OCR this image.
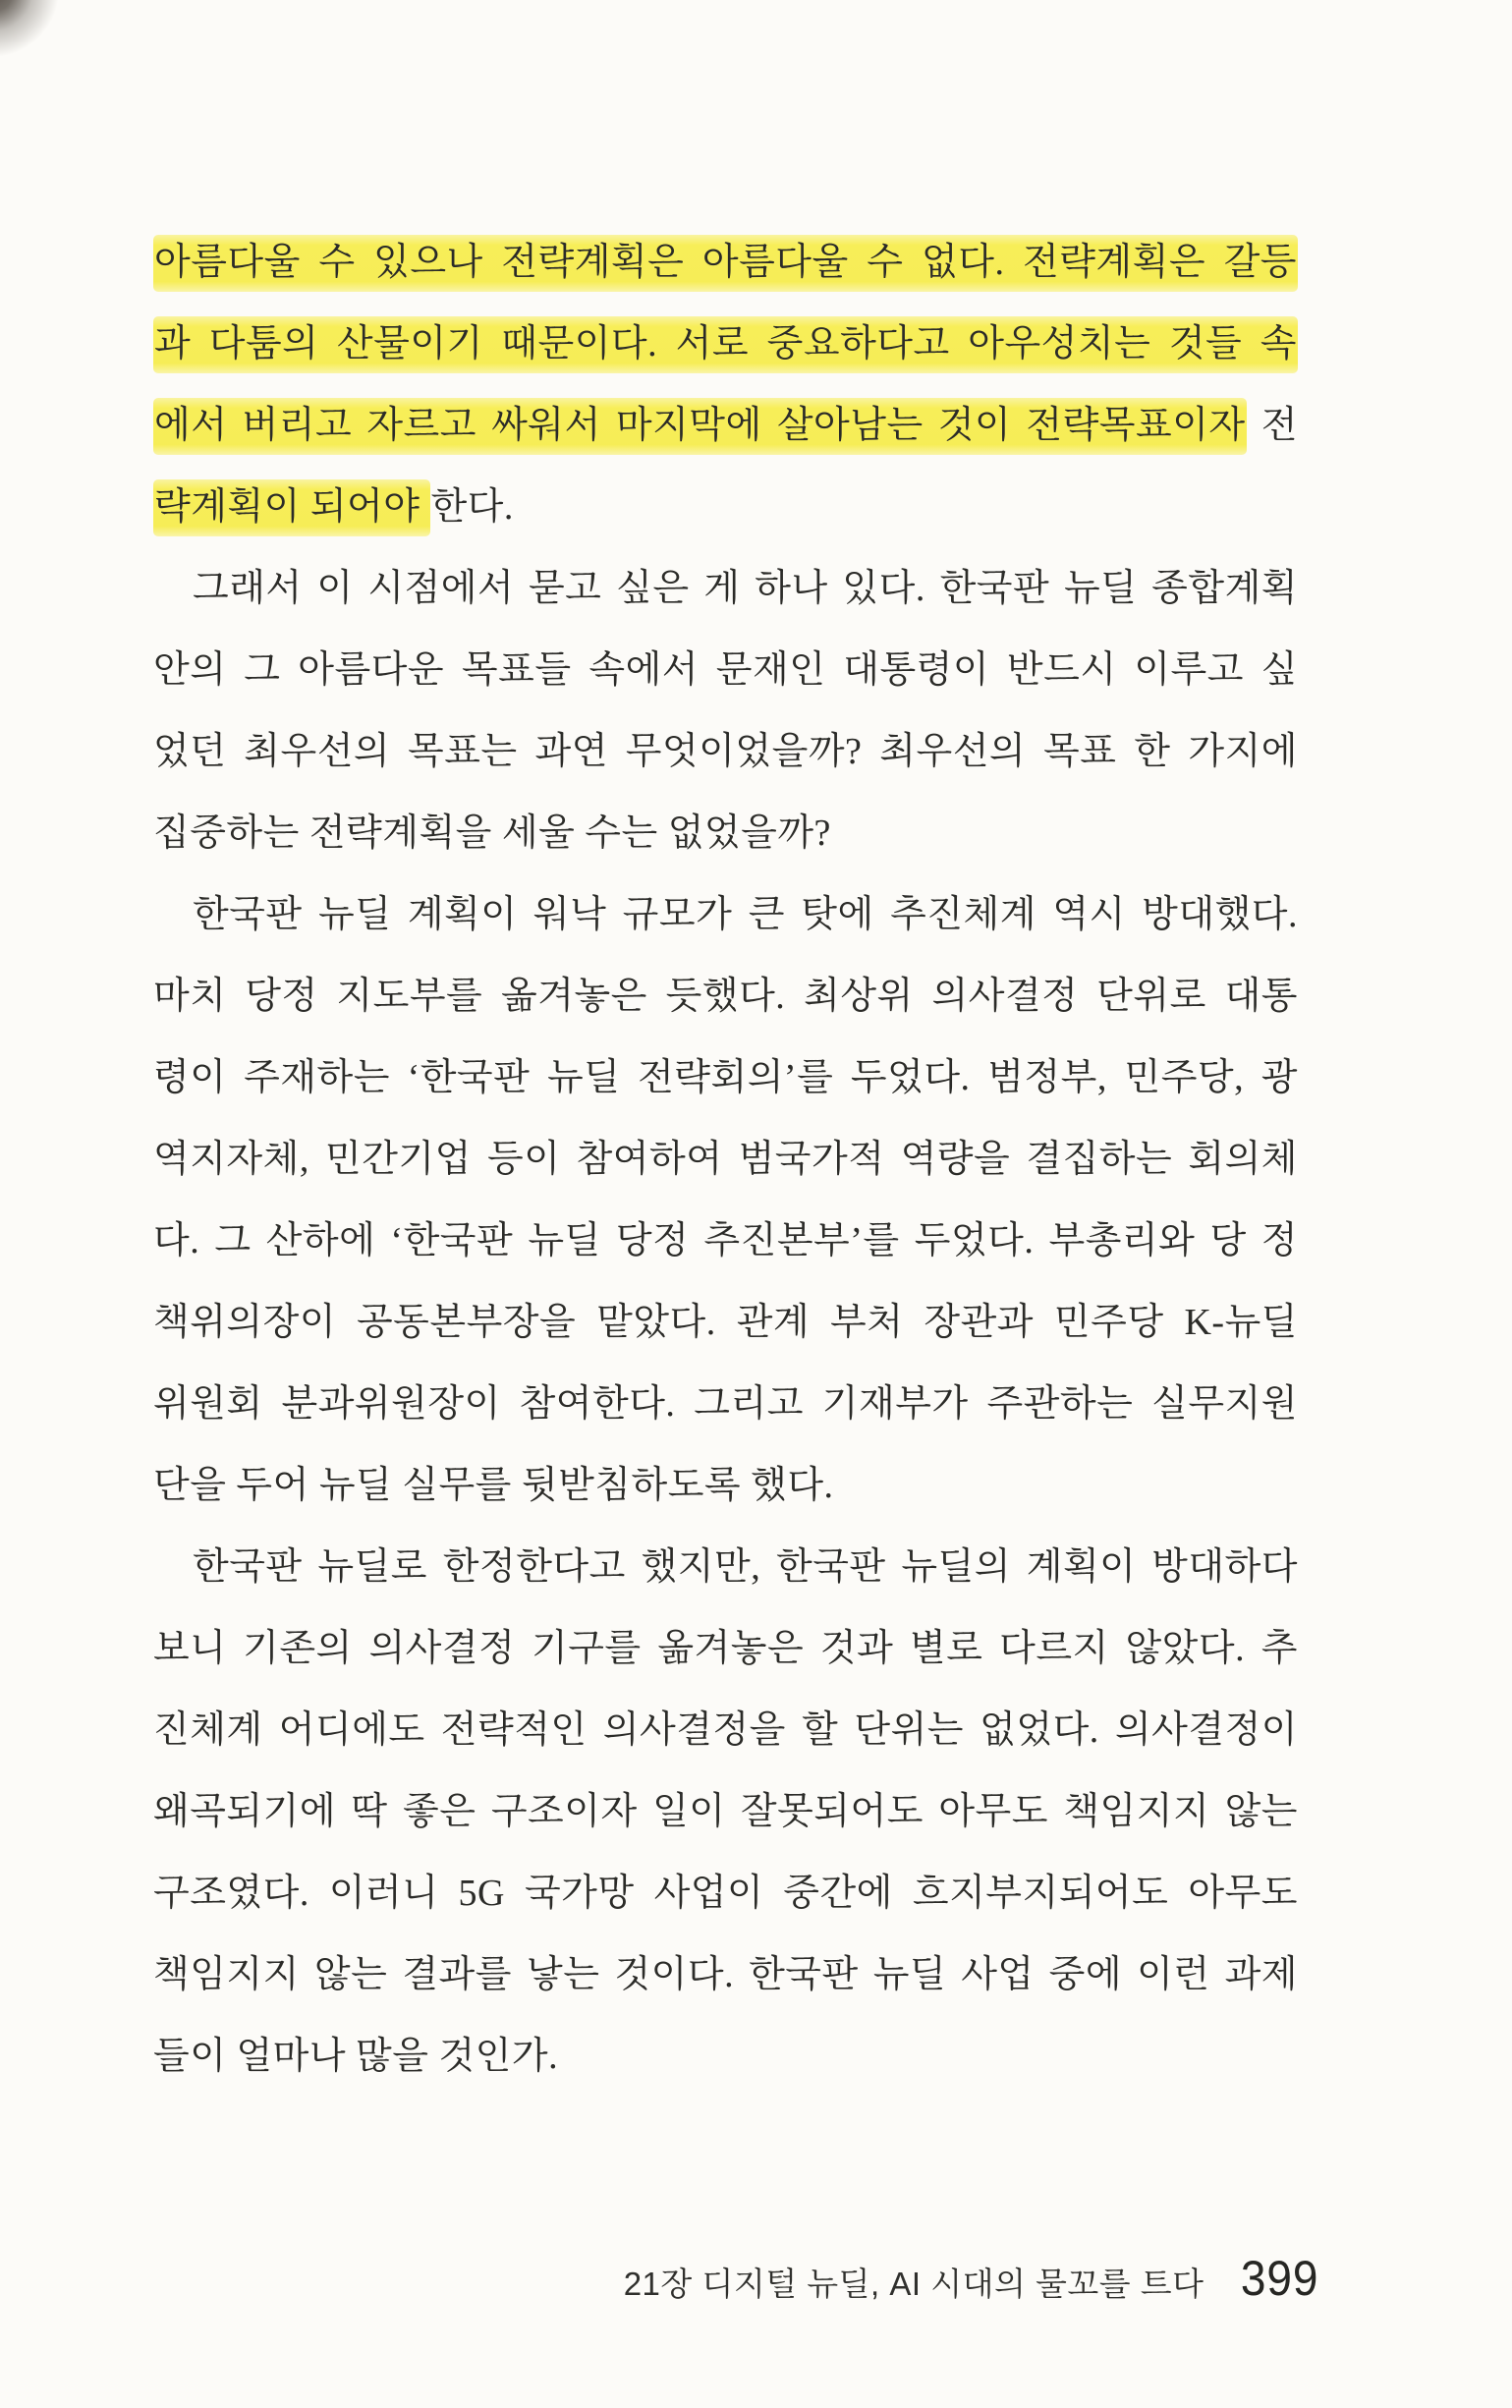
아름다울 수 있으나 전략계획은 아름다울 수 없다. 전략계획은 갈등
과 다툼의 산물이기 때문이다. 서로 중요하다고 아우성치는 것들 속
에서 버리고 자르고 싸워서 마지막에 살아남는 것이 전략목표이자 전
략계획이 되어야 한다.
그래서 이 시점에서 묻고 싶은 게 하나 있다. 한국판 뉴딜 종합계획
안의 그 아름다운 목표들 속에서 문재인 대통령이 반드시 이루고 싶
었던 최우선의 목표는 과연 무엇이었을까? 최우선의 목표 한 가지에
집중하는 전략계획을 세울 수는 없었을까?
한국판 뉴딜 계획이 워낙 규모가 큰 탓에 추진체계 역시 방대했다.
마치 당정 지도부를 옮겨놓은 듯했다. 최상위 의사결정 단위로 대통
령이 주재하는 ‘한국판 뉴딜 전략회의’를 두었다. 범정부, 민주당, 광
역지자체, 민간기업 등이 참여하여 범국가적 역량을 결집하는 회의체
다. 그 산하에 ‘한국판 뉴딜 당정 추진본부’를 두었다. 부총리와 당 정
책위의장이 공동본부장을 맡았다. 관계 부처 장관과 민주당 K-뉴딜
위원회 분과위원장이 참여한다. 그리고 기재부가 주관하는 실무지원
단을 두어 뉴딜 실무를 뒷받침하도록 했다.
한국판 뉴딜로 한정한다고 했지만, 한국판 뉴딜의 계획이 방대하다
보니 기존의 의사결정 기구를 옮겨놓은 것과 별로 다르지 않았다. 추
진체계 어디에도 전략적인 의사결정을 할 단위는 없었다. 의사결정이
왜곡되기에 딱 좋은 구조이자 일이 잘못되어도 아무도 책임지지 않는
구조였다. 이러니 5G 국가망 사업이 중간에 흐지부지되어도 아무도
책임지지 않는 결과를 낳는 것이다. 한국판 뉴딜 사업 중에 이런 과제
들이 얼마나 많을 것인가.
21장 디지털 뉴딜, AI 시대의 물꼬를 트다 399
